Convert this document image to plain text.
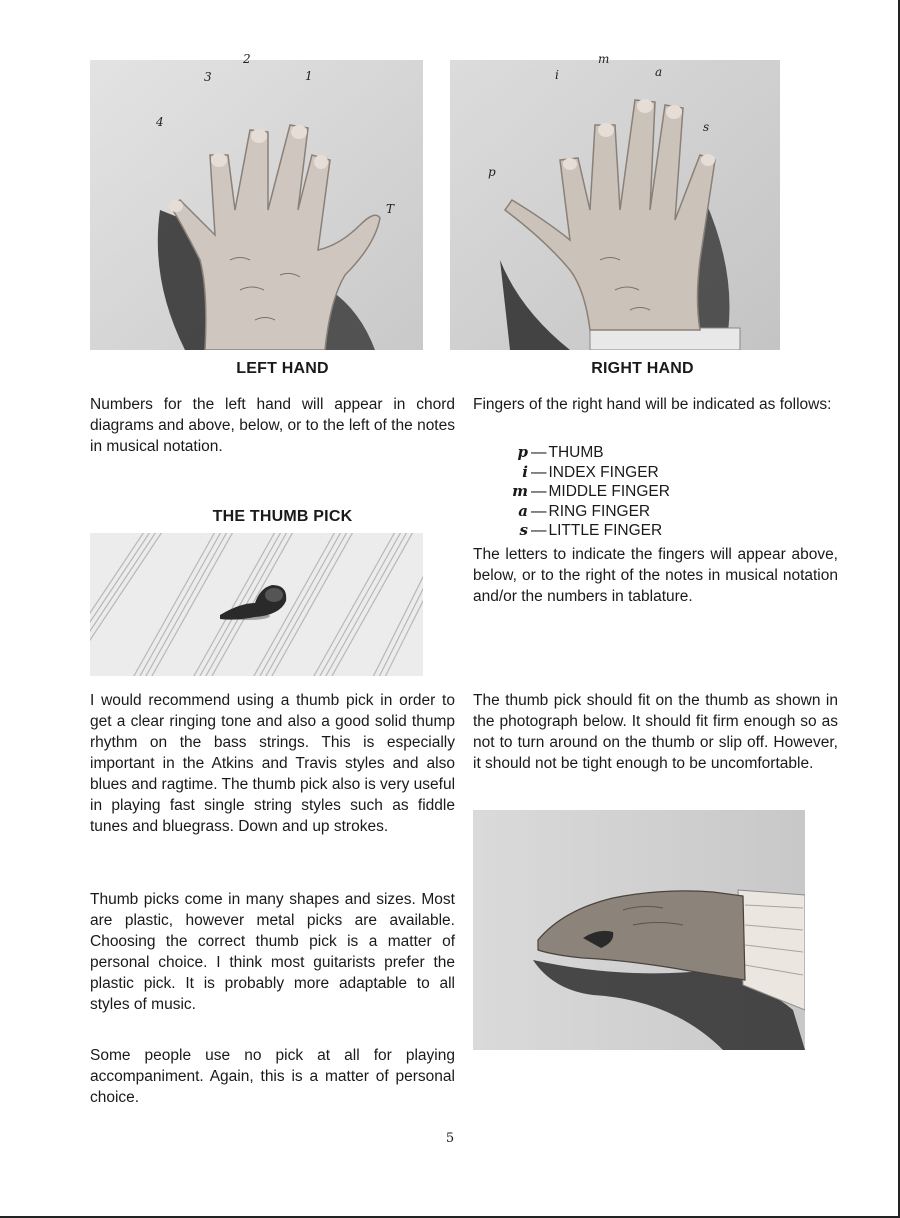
4
3
2
1
T
LEFT HAND
p
i
m
a
s
RIGHT HAND

Numbers for the left hand will appear in chord diagrams and above, below, or to the left of the notes in musical notation.

Fingers of the right hand will be indicated as follows:

p — THUMB
i — INDEX FINGER
m — MIDDLE FINGER
a — RING FINGER
s — LITTLE FINGER

The letters to indicate the fingers will appear above, below, or to the right of the notes in musical notation and/or the numbers in tablature.

THE THUMB PICK

I would recommend using a thumb pick in order to get a clear ringing tone and also a good solid thump rhythm on the bass strings. This is especially important in the Atkins and Travis styles and also blues and ragtime. The thumb pick also is very useful in playing fast single string styles such as fiddle tunes and bluegrass. Down and up strokes.

Thumb picks come in many shapes and sizes. Most are plastic, however metal picks are available. Choosing the correct thumb pick is a matter of personal choice. I think most guitarists prefer the plastic pick. It is probably more adaptable to all styles of music.

Some people use no pick at all for playing accompaniment. Again, this is a matter of personal choice.

The thumb pick should fit on the thumb as shown in the photograph below. It should fit firm enough so as not to turn around on the thumb or slip off. However, it should not be tight enough to be uncomfortable.

5
